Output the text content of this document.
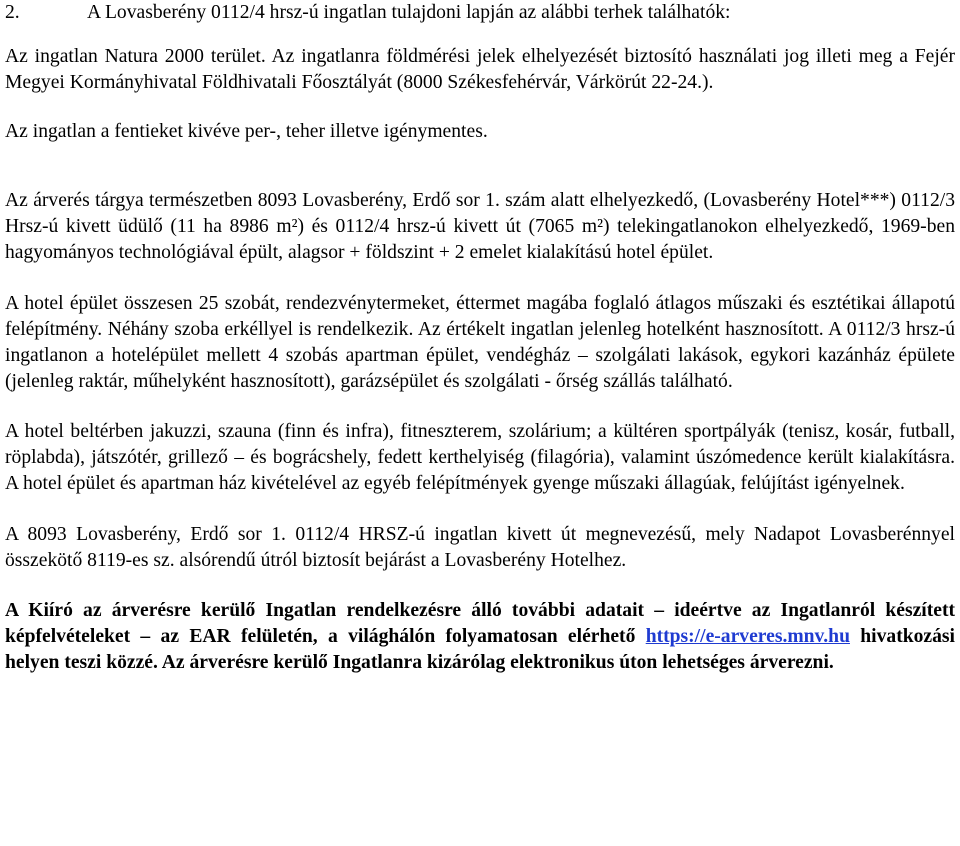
2.	A Lovasberény 0112/4 hrsz-ú ingatlan tulajdoni lapján az alábbi terhek találhatók:

Az ingatlan Natura 2000 terület. Az ingatlanra földmérési jelek elhelyezését biztosító használati jog illeti meg a Fejér Megyei Kormányhivatal Földhivatali Főosztályát (8000 Székesfehérvár, Várkörút 22-24.).

Az ingatlan a fentieket kivéve per-, teher illetve igénymentes.

Az árverés tárgya természetben 8093 Lovasberény, Erdő sor 1. szám alatt elhelyezkedő, (Lovasberény Hotel***) 0112/3 Hrsz-ú kivett üdülő (11 ha 8986 m²) és 0112/4 hrsz-ú kivett út (7065 m²) telekingatlanokon elhelyezkedő, 1969-ben hagyományos technológiával épült, alagsor + földszint + 2 emelet kialakítású hotel épület.

A hotel épület összesen 25 szobát, rendezvénytermeket, éttermet magába foglaló átlagos műszaki és esztétikai állapotú felépítmény. Néhány szoba erkéllyel is rendelkezik. Az értékelt ingatlan jelenleg hotelként hasznosított. A 0112/3 hrsz-ú ingatlanon a hotelépület mellett 4 szobás apartman épület, vendégház – szolgálati lakások, egykori kazánház épülete (jelenleg raktár, műhelyként hasznosított), garázsépület és szolgálati - őrség szállás található.

A hotel beltérben jakuzzi, szauna (finn és infra), fitneszterem, szolárium; a kültéren sportpályák (tenisz, kosár, futball, röplabda), játszótér, grillező – és bográcshely, fedett kerthelyiség (filagória), valamint úszómedence került kialakításra. A hotel épület és apartman ház kivételével az egyéb felépítmények gyenge műszaki állagúak, felújítást igényelnek.

A 8093 Lovasberény, Erdő sor 1. 0112/4 HRSZ-ú ingatlan kivett út megnevezésű, mely Nadapot Lovasberénnyel összekötő 8119-es sz. alsórendű útról biztosít bejárást a Lovasberény Hotelhez.

A Kiíró az árverésre kerülő Ingatlan rendelkezésre álló további adatait – ideértve az Ingatlanról készített képfelvételeket – az EAR felületén, a világhálón folyamatosan elérhető https://e-arveres.mnv.hu hivatkozási helyen teszi közzé. Az árverésre kerülő Ingatlanra kizárólag elektronikus úton lehetséges árverezni.
